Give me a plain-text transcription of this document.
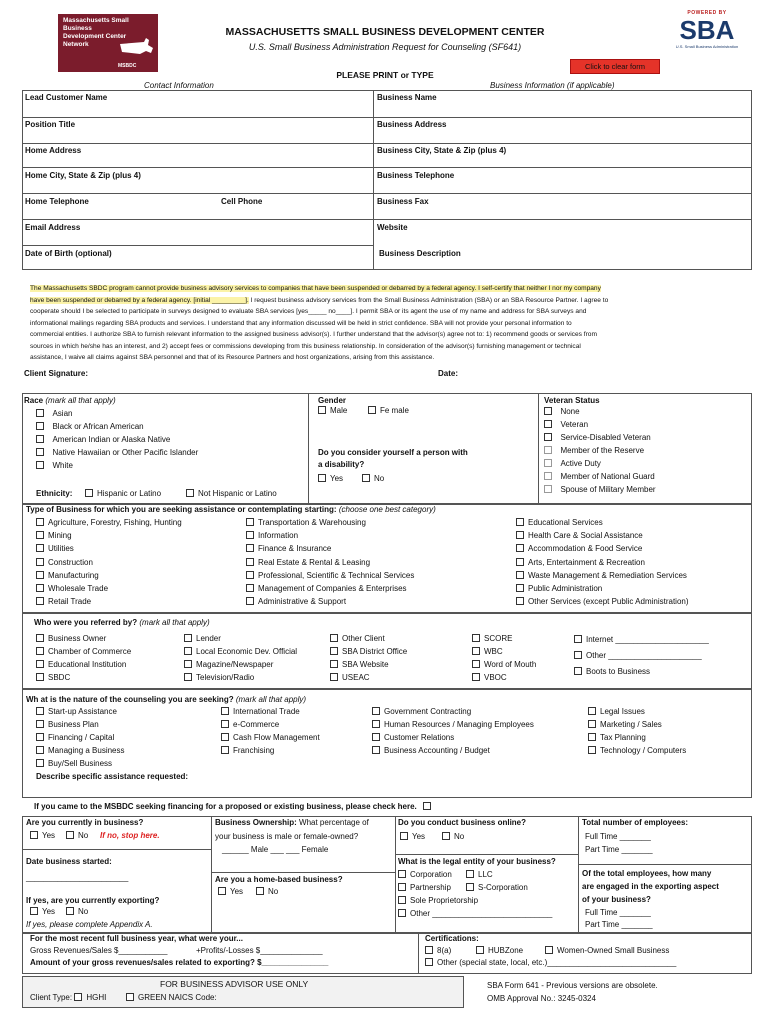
Massachusetts Small Business
Development Center
Network
MSBDC
MASSACHUSETTS SMALL BUSINESS DEVELOPMENT CENTER
U.S. Small Business Administration Request for Counseling (SF641)
POWERED BY
SBA
U.S. Small Business Administration
Click to clear form
PLEASE PRINT or TYPE
Contact Information	Business Information (if applicable)
Lead Customer Name
Position Title
Home Address
Home City, State & Zip (plus 4)
Home Telephone	Cell Phone
Email Address
Date of Birth (optional)
Business Name
Business Address
Business City, State & Zip (plus 4)
Business Telephone
Business Fax
Website
Business Description
The Massachusetts SBDC program cannot provide business advisory services to companies that have been suspended or debarred by a federal agency. I self-certify that neither I nor my company
have been suspended or debarred by a federal agency. [initial _________]. I request business advisory services from the Small Business Administration (SBA) or an SBA Resource Partner. I agree to
cooperate should I be selected to participate in surveys designed to evaluate SBA services [yes_____ no____]. I permit SBA or its agent the use of my name and address for SBA surveys and
informational mailings regarding SBA products and services. I understand that any information discussed will be held in strict confidence. SBA will not provide your personal information to
commercial entities. I authorize SBA to furnish relevant information to the assigned business advisor(s). I further understand that the advisor(s) agree not to: 1) recommend goods or services from
sources in which he/she has an interest, and 2) accept fees or commissions developing from this business relationship. In consideration of the advisor(s) furnishing management or technical
assistance, I waive all claims against SBA personnel and that of its Resource Partners and host organizations, arising from this assistance.
Client Signature:	Date:
Race (mark all that apply)
Asian
Black or African American
American Indian or Alaska Native
Native Hawaiian or Other Pacific Islander
White
Ethnicity:	Hispanic or Latino	Not Hispanic or Latino
Gender
Male	Fe male
Do you consider yourself a person with
a disability?
Yes	No
Veteran Status
None
Veteran
Service-Disabled Veteran
Member of the Reserve
Active Duty
Member of National Guard
Spouse of Military Member
Type of Business for which you are seeking assistance or contemplating starting: (choose one best category)
Agriculture, Forestry, Fishing, Hunting
Mining
Utilities
Construction
Manufacturing
Wholesale Trade
Retail Trade
Transportation & Warehousing
Information
Finance & Insurance
Real Estate & Rental & Leasing
Professional, Scientific & Technical Services
Management of Companies & Enterprises
Administrative & Support
Educational Services
Health Care & Social Assistance
Accommodation & Food Service
Arts, Entertainment & Recreation
Waste Management & Remediation Services
Public Administration
Other Services (except Public Administration)
Who were you referred by? (mark all that apply)
Business Owner
Chamber of Commerce
Educational Institution
SBDC
Lender
Local Economic Dev. Official
Magazine/Newspaper
Television/Radio
Other Client
SBA District Office
SBA Website
USEAC
SCORE
WBC
Word of Mouth
VBOC
Internet _____________________
Other _____________________
Boots to Business
Wh at is the nature of the counseling you are seeking? (mark all that apply)
Start-up Assistance
Business Plan
Financing / Capital
Managing a Business
Buy/Sell Business
International Trade
e-Commerce
Cash Flow Management
Franchising
Government Contracting
Human Resources / Managing Employees
Customer Relations
Business Accounting / Budget
Legal Issues
Marketing / Sales
Tax Planning
Technology / Computers
Describe specific assistance requested:
If you came to the MSBDC seeking financing for a proposed or existing business, please check here.
Are you currently in business?
Yes	No If no, stop here.
Date business started:
_______________________
If yes, are you currently exporting?
Yes	No
If yes, please complete Appendix A.
Business Ownership: What percentage of
your business is male or female-owned?
______ Male ___ ___ Female
Are you a home-based business?
Yes	No
Do you conduct business online?
Yes	No
What is the legal entity of your business?
Corporation	LLC
Partnership	S-Corporation
Sole Proprietorship
Other ___________________________
Total number of employees:
Full Time _______
Part Time _______
Of the total employees, how many
are engaged in the exporting aspect
of your business?
Full Time _______
Part Time _______
For the most recent full business year, what were your...
Gross Revenues/Sales $___________	+Profits/-Losses $______________
Amount of your gross revenues/sales related to exporting? $_______________
Certifications:
8(a)	HUBZone	Women-Owned Small Business
Other (special state, local, etc.)_____________________________
FOR BUSINESS ADVISOR USE ONLY
Client Type: HGHI	GREEN NAICS Code:
SBA Form 641 - Previous versions are obsolete.
OMB Approval No.: 3245-0324
